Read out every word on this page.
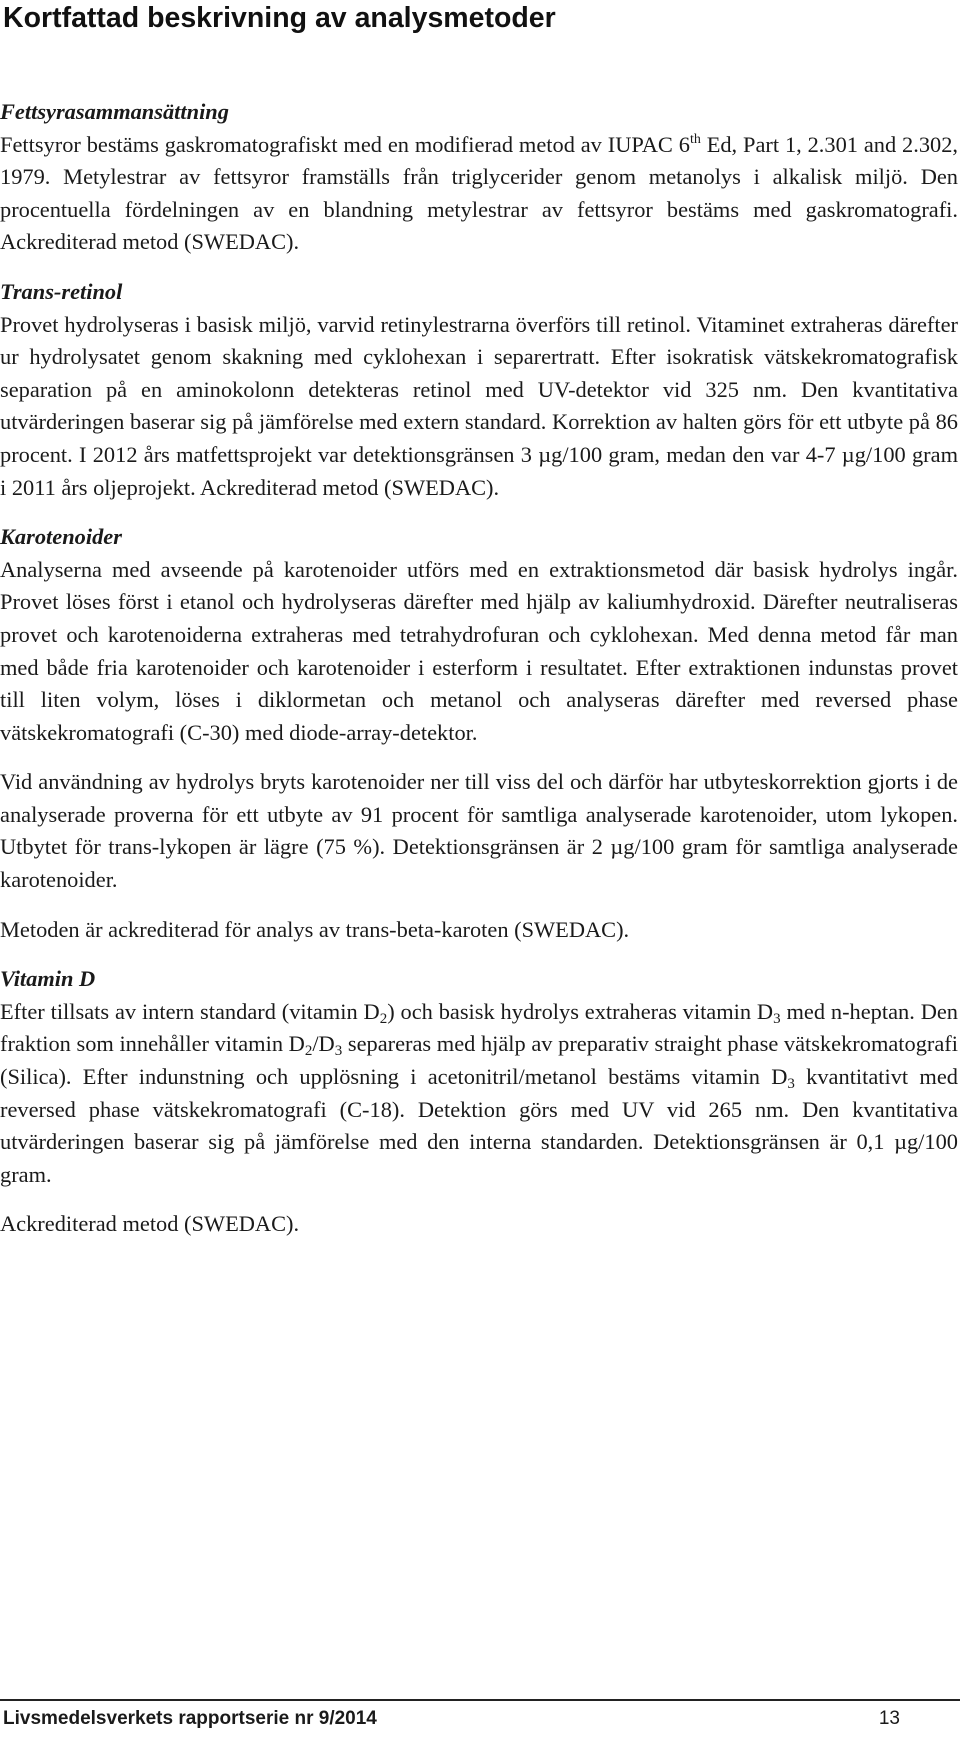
Kortfattad beskrivning av analysmetoder
Fettsyrasammansättning

Fettsyror bestäms gaskromatografiskt med en modifierad metod av IUPAC 6th Ed, Part 1, 2.301 and 2.302, 1979. Metylestrar av fettsyror framställs från triglycerider genom metanolys i alkalisk miljö. Den procentuella fördelningen av en blandning metylestrar av fettsyror bestäms med gaskromatografi. Ackrediterad metod (SWEDAC).

Trans-retinol

Provet hydrolyseras i basisk miljö, varvid retinylestrarna överförs till retinol. Vitaminet extraheras därefter ur hydrolysatet genom skakning med cyklohexan i separertratt. Efter isokratisk vätskekromatografisk separation på en aminokolonn detekteras retinol med UV-detektor vid 325 nm. Den kvantitativa utvärderingen baserar sig på jämförelse med extern standard. Korrektion av halten görs för ett utbyte på 86 procent. I 2012 års matfettsprojekt var detektionsgränsen 3 µg/100 gram, medan den var 4-7 µg/100 gram i 2011 års oljeprojekt. Ackrediterad metod (SWEDAC).

Karotenoider

Analyserna med avseende på karotenoider utförs med en extraktionsmetod där basisk hydrolys ingår. Provet löses först i etanol och hydrolyseras därefter med hjälp av kaliumhydroxid. Därefter neutraliseras provet och karotenoiderna extraheras med tetrahydrofuran och cyklohexan. Med denna metod får man med både fria karotenoider och karotenoider i esterform i resultatet. Efter extraktionen indunstas provet till liten volym, löses i diklormetan och metanol och analyseras därefter med reversed phase vätskekromatografi (C-30) med diode-array-detektor.

Vid användning av hydrolys bryts karotenoider ner till viss del och därför har utbyteskorrektion gjorts i de analyserade proverna för ett utbyte av 91 procent för samtliga analyserade karotenoider, utom lykopen. Utbytet för trans-lykopen är lägre (75 %). Detektionsgränsen är 2 µg/100 gram för samtliga analyserade karotenoider.

Metoden är ackrediterad för analys av trans-beta-karoten (SWEDAC).

Vitamin D

Efter tillsats av intern standard (vitamin $D_2$) och basisk hydrolys extraheras vitamin $D_3$ med n-heptan. Den fraktion som innehåller vitamin $D_2/D_3$ separeras med hjälp av preparativ straight phase vätskekromatografi (Silica). Efter indunstning och upplösning i acetonitril/metanol bestäms vitamin $D_3$ kvantitativt med reversed phase vätskekromatografi (C-18). Detektion görs med UV vid 265 nm. Den kvantitativa utvärderingen baserar sig på jämförelse med den interna standarden. Detektionsgränsen är 0,1 µg/100 gram.

Ackrediterad metod (SWEDAC).

Livsmedelsverkets rapportserie nr 9/2014	13
